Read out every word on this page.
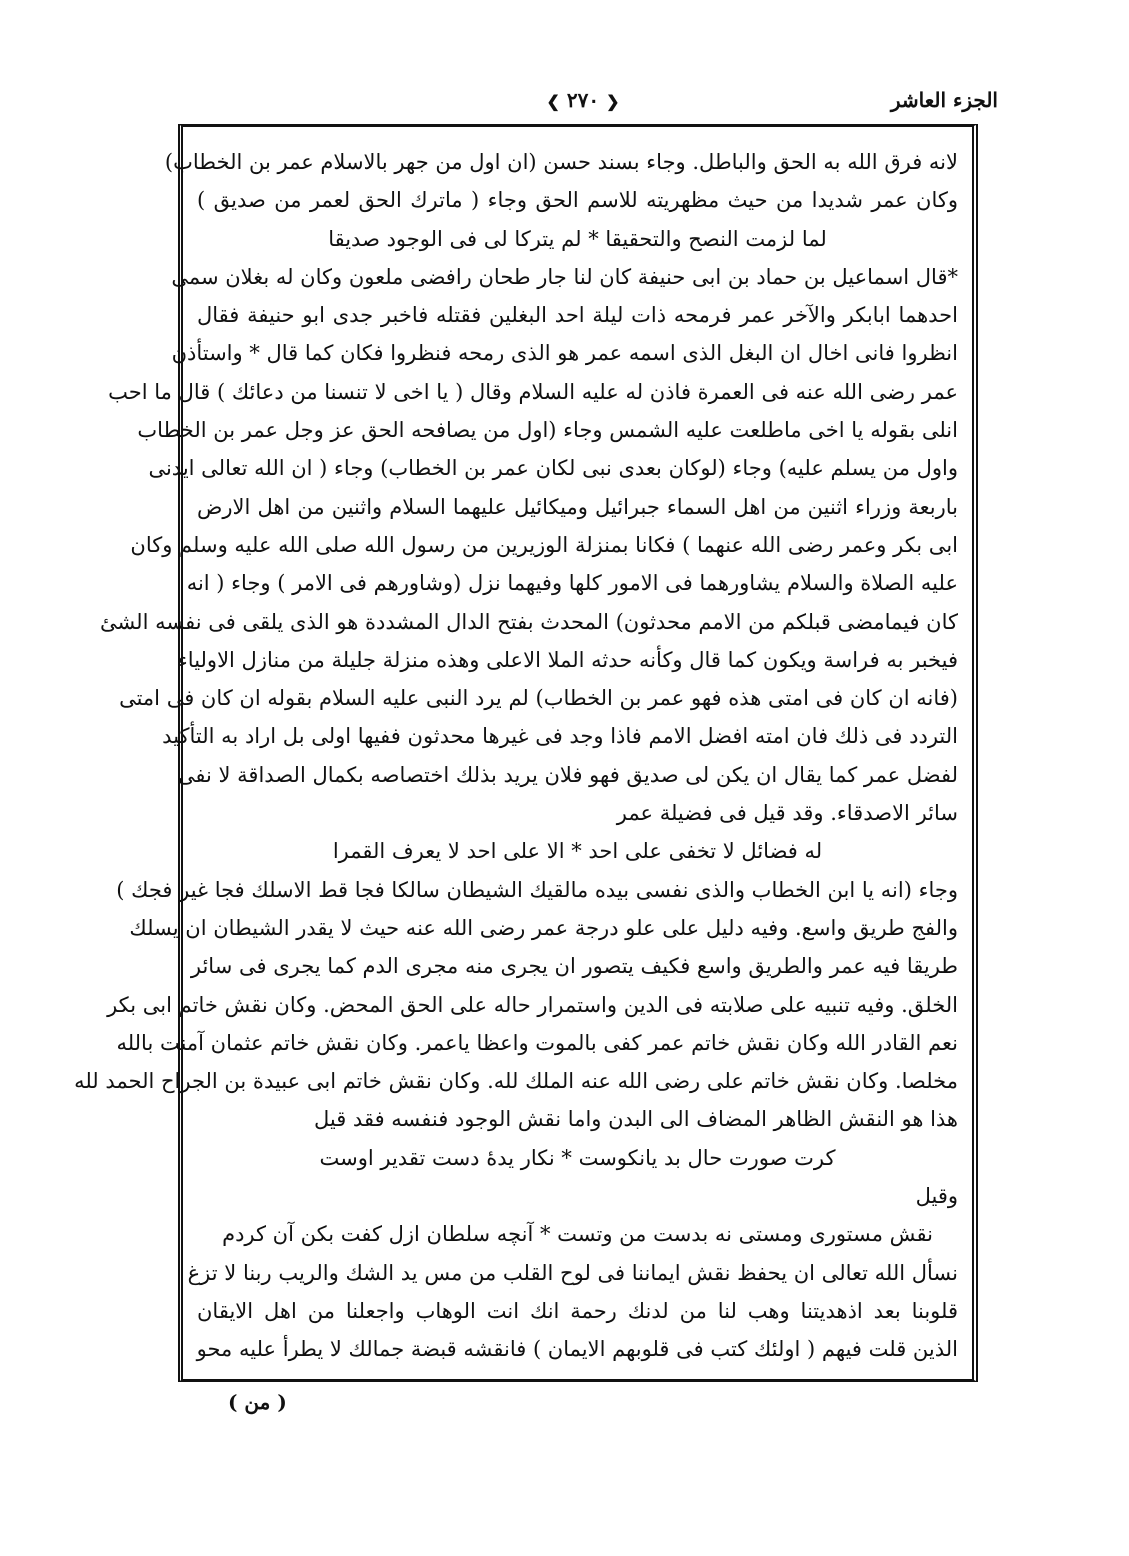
الجزء العاشر
❮ ٢٧٠ ❯
لانه فرق الله به الحق والباطل. وجاء بسند حسن (ان اول من جهر بالاسلام عمر بن الخطاب)
وكان عمر شديدا من حيث مظهريته للاسم الحق وجاء ( ماترك الحق لعمر من صديق )
لما لزمت النصح والتحقيقا * لم يتركا لى فى الوجود صديقا
*قال اسماعيل بن حماد بن ابى حنيفة كان لنا جار طحان رافضى ملعون وكان له بغلان سمى
احدهما ابابكر والآخر عمر فرمحه ذات ليلة احد البغلين فقتله فاخبر جدى ابو حنيفة فقال
انظروا فانى اخال ان البغل الذى اسمه عمر هو الذى رمحه فنظروا فكان كما قال * واستأذن
عمر رضى الله عنه فى العمرة فاذن له عليه السلام وقال ( يا اخى لا تنسنا من دعائك ) قال ما احب
انلى بقوله يا اخى ماطلعت عليه الشمس وجاء (اول من يصافحه الحق عز وجل عمر بن الخطاب
واول من يسلم عليه) وجاء (لوكان بعدى نبى لكان عمر بن الخطاب) وجاء ( ان الله تعالى ايدنى
باربعة وزراء اثنين من اهل السماء جبرائيل وميكائيل عليهما السلام واثنين من اهل الارض
ابى بكر وعمر رضى الله عنهما ) فكانا بمنزلة الوزيرين من رسول الله صلى الله عليه وسلم وكان
عليه الصلاة والسلام يشاورهما فى الامور كلها وفيهما نزل (وشاورهم فى الامر ) وجاء ( انه
كان فيمامضى قبلكم من الامم محدثون) المحدث بفتح الدال المشددة هو الذى يلقى فى نفسه الشئ
فيخبر به فراسة ويكون كما قال وكأنه حدثه الملا الاعلى وهذه منزلة جليلة من منازل الاولياء
(فانه ان كان فى امتى هذه فهو عمر بن الخطاب) لم يرد النبى عليه السلام بقوله ان كان فى امتى
التردد فى ذلك فان امته افضل الامم فاذا وجد فى غيرها محدثون ففيها اولى بل اراد به التأكيد
لفضل عمر كما يقال ان يكن لى صديق فهو فلان يريد بذلك اختصاصه بكمال الصداقة لا نفى
سائر الاصدقاء. وقد قيل فى فضيلة عمر
له فضائل لا تخفى على احد * الا على احد لا يعرف القمرا
وجاء (انه يا ابن الخطاب والذى نفسى بيده مالقيك الشيطان سالكا فجا قط الاسلك فجا غير فجك )
والفج طريق واسع. وفيه دليل على علو درجة عمر رضى الله عنه حيث لا يقدر الشيطان ان يسلك
طريقا فيه عمر والطريق واسع فكيف يتصور ان يجرى منه مجرى الدم كما يجرى فى سائر
الخلق. وفيه تنبيه على صلابته فى الدين واستمرار حاله على الحق المحض. وكان نقش خاتم ابى بكر
نعم القادر الله وكان نقش خاتم عمر كفى بالموت واعظا ياعمر. وكان نقش خاتم عثمان آمنت بالله
مخلصا. وكان نقش خاتم على رضى الله عنه الملك لله. وكان نقش خاتم ابى عبيدة بن الجراح الحمد لله
هذا هو النقش الظاهر المضاف الى البدن واما نقش الوجود فنفسه فقد قيل
كرت صورت حال بد يانكوست * نكار يدهٔ دست تقدير اوست
وقيل
نقش مستورى ومستى نه بدست من وتست * آنچه سلطان ازل كفت بكن آن كردم
نسأل الله تعالى ان يحفظ نقش ايماننا فى لوح القلب من مس يد الشك والريب ربنا لا تزغ
قلوبنا بعد اذهديتنا وهب لنا من لدنك رحمة انك انت الوهاب واجعلنا من اهل الايقان
الذين قلت فيهم ( اولئك كتب فى قلوبهم الايمان ) فانقشه قبضة جمالك لا يطرأ عليه محو
( من )
